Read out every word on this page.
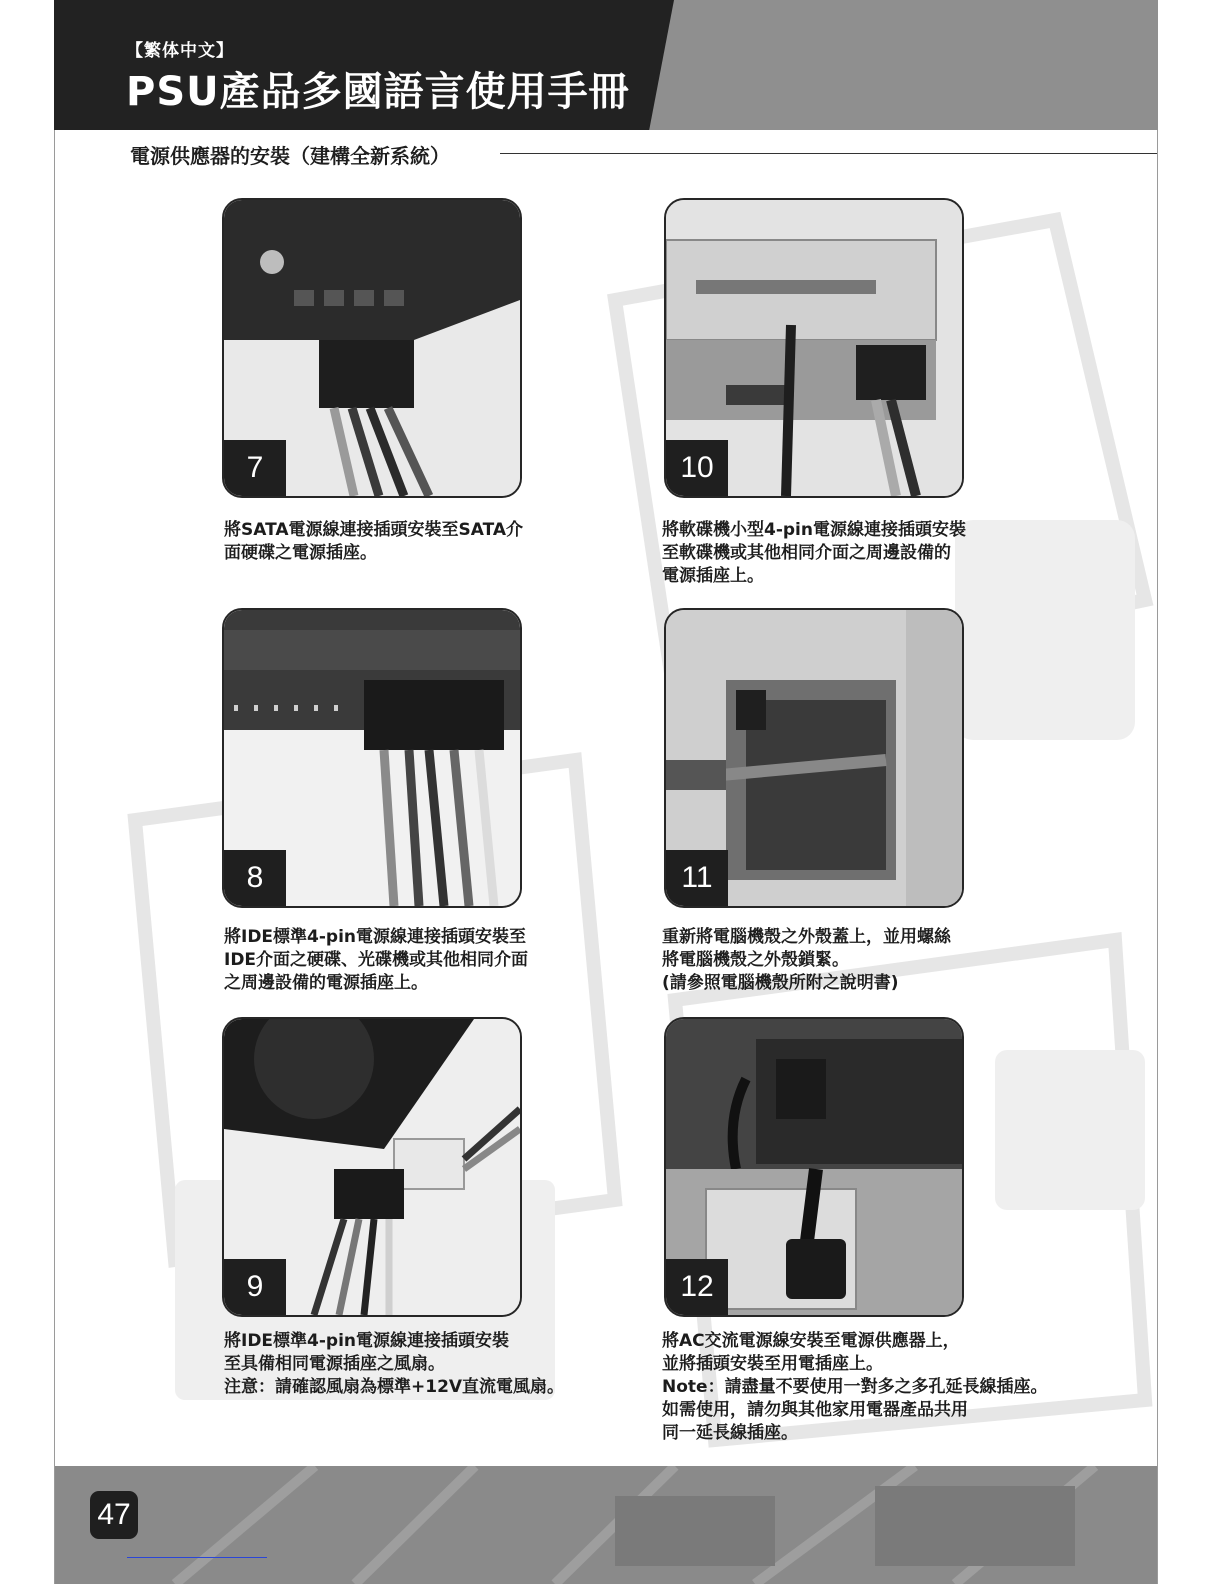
【繁体中文】
PSU產品多國語言使用手冊
電源供應器的安裝（建構全新系統）
7
將SATA電源線連接插頭安裝至SATA介
面硬碟之電源插座。
8
將IDE標準4-pin電源線連接插頭安裝至
IDE介面之硬碟、光碟機或其他相同介面
之周邊設備的電源插座上。
9
將IDE標準4-pin電源線連接插頭安裝
至具備相同電源插座之風扇。
注意：請確認風扇為標準+12V直流電風扇。
10
將軟碟機小型4-pin電源線連接插頭安裝
至軟碟機或其他相同介面之周邊設備的
電源插座上。
11
重新將電腦機殼之外殼蓋上，並用螺絲
將電腦機殼之外殼鎖緊。
(請參照電腦機殼所附之說明書)
12
將AC交流電源線安裝至電源供應器上，
並將插頭安裝至用電插座上。
Note：請盡量不要使用一對多之多孔延長線插座。
如需使用，請勿與其他家用電器產品共用
同一延長線插座。
47
